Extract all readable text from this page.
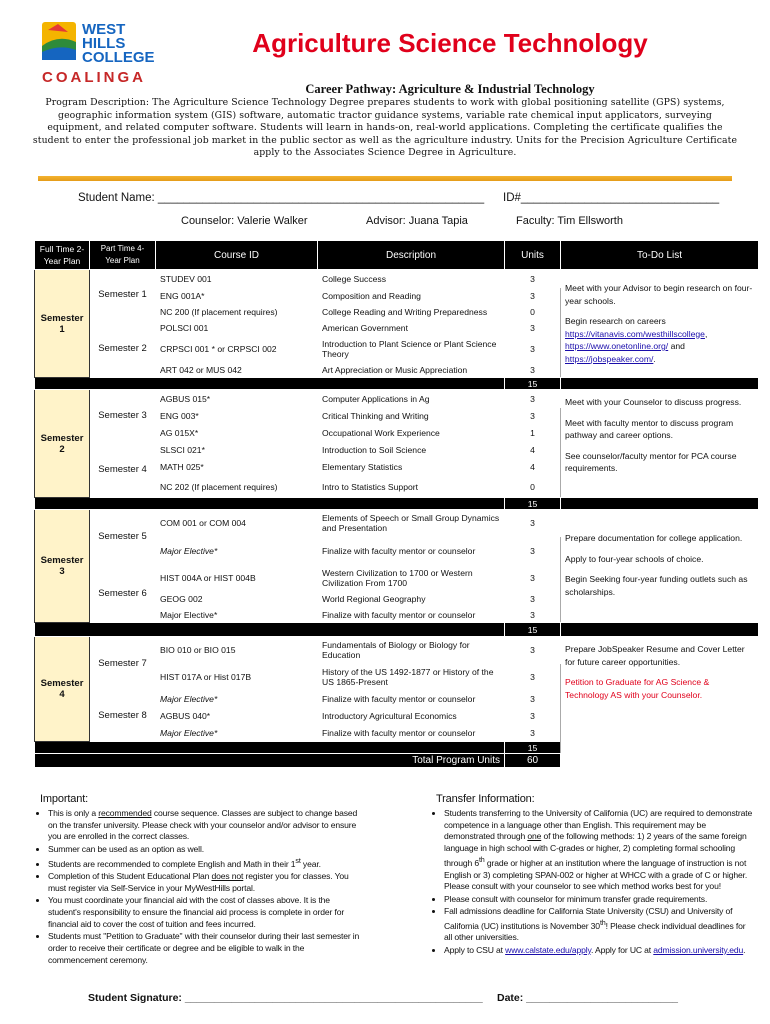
WEST
HILLS
COLLEGE
COALINGA
Agriculture Science Technology
Career Pathway: Agriculture & Industrial Technology
Program Description: The Agriculture Science Technology Degree prepares students to work with global positioning satellite (GPS) systems, geographic information system (GIS) software, automatic tractor guidance systems, variable rate chemical input applicators, surveying equipment, and related computer software. Students will learn in hands-on, real-world applications. Completing the certificate qualifies the student to enter the professional job market in the public sector as well as the agriculture industry. Units for the Precision Agriculture Certificate apply to the Associates Science Degree in Agriculture.
Student Name: ___________________________________________________ ID#_______________________________
Counselor: Valerie Walker	Advisor: Juana Tapia	Faculty: Tim Ellsworth
Full Time 2-Year Plan	Part Time 4-Year Plan	Course ID	Description	Units	To-Do List
Semester 1	Semester 1	STUDEV 001	College Success	3	Meet with your Advisor to begin research on four- year schools.

Begin research on careers
https://vitanavis.com/westhillscollege,
https://www.onetonline.org/ and
https://jobspeaker.com/.

		ENG 001A*	Composition and Reading	3	
		NC 200 (If placement requires)	College Reading and Writing Preparedness	0	
	Semester 2	POLSCI 001	American Government	3	
		CRPSCI 001 * or CRPSCI 002	Introduction to Plant Science or Plant Science Theory	3	
		ART 042 or MUS 042	Art Appreciation or Music Appreciation	3	
				15	
Semester 2	Semester 3	AGBUS 015*	Computer Applications in Ag	3	Meet with your Counselor to discuss progress.

Meet with faculty mentor to discuss program pathway and career options.

See counselor/faculty mentor for PCA course requirements.

		ENG 003*	Critical Thinking and Writing	3	
		AG 015X*	Occupational Work Experience	1	
	Semester 4	SLSCI 021*	Introduction to Soil Science	4	
		MATH 025*	Elementary Statistics	4	
		NC 202 (If placement requires)	Intro to Statistics Support	0	
				15	
Semester 3	Semester 5	COM 001 or COM 004	Elements of Speech or Small Group Dynamics and Presentation	3	Prepare documentation for college application.

Apply to four-year schools of choice.

Begin Seeking four-year funding outlets such as scholarships.

		Major Elective*	Finalize with faculty mentor or counselor	3	
	Semester 6	HIST 004A or HIST 004B	Western Civilization to 1700 or Western Civilization From 1700	3	
		GEOG 002	World Regional Geography	3	
		Major Elective*	Finalize with faculty mentor or counselor	3	
				15	
Semester 4	Semester 7	BIO 010 or BIO 015	Fundamentals of Biology or Biology for Education	3	Prepare JobSpeaker Resume and Cover Letter for future career opportunities.

Petition to Graduate for AG Science & Technology AS with your Counselor.

		HIST 017A or Hist 017B	History of the US 1492-1877 or History of the US 1865-Present	3	
	Semester 8	Major Elective*	Finalize with faculty mentor or counselor	3	
		AGBUS 040*	Introductory Agricultural Economics	3	
		Major Elective*	Finalize with faculty mentor or counselor	3	
				15	
Total Program Units				60	
Important:
• This is only a recommended course sequence. Classes are subject to change based on the transfer university. Please check with your counselor and/or advisor to ensure you are enrolled in the correct classes.
• Summer can be used as an option as well.
• Students are recommended to complete English and Math in their 1st year.
• Completion of this Student Educational Plan does not register you for classes. You must register via Self-Service in your MyWestHills portal.
• You must coordinate your financial aid with the cost of classes above. It is the student's responsibility to ensure the financial aid process is complete in order for financial aid to cover the cost of tuition and fees incurred.
• Students must "Petition to Graduate" with their counselor during their last semester in order to receive their certificate or degree and be eligible to walk in the commencement ceremony.
Transfer Information:
• Students transferring to the University of California (UC) are required to demonstrate competence in a language other than English. This requirement may be demonstrated through one of the following methods: 1) 2 years of the same foreign language in high school with C-grades or higher, 2) completing formal schooling through 6th grade or higher at an institution where the language of instruction is not English or 3) completing SPAN-002 or higher at WHCC with a grade of C or higher. Please consult with your counselor to see which method works best for you!
• Please consult with counselor for minimum transfer grade requirements.
• Fall admissions deadline for California State University (CSU) and University of California (UC) institutions is November 30th! Please check individual deadlines for all other universities.
• Apply to CSU at www.calstate.edu/apply. Apply for UC at admission.university.edu.
Student Signature: ___________________________________________________ Date: __________________________
